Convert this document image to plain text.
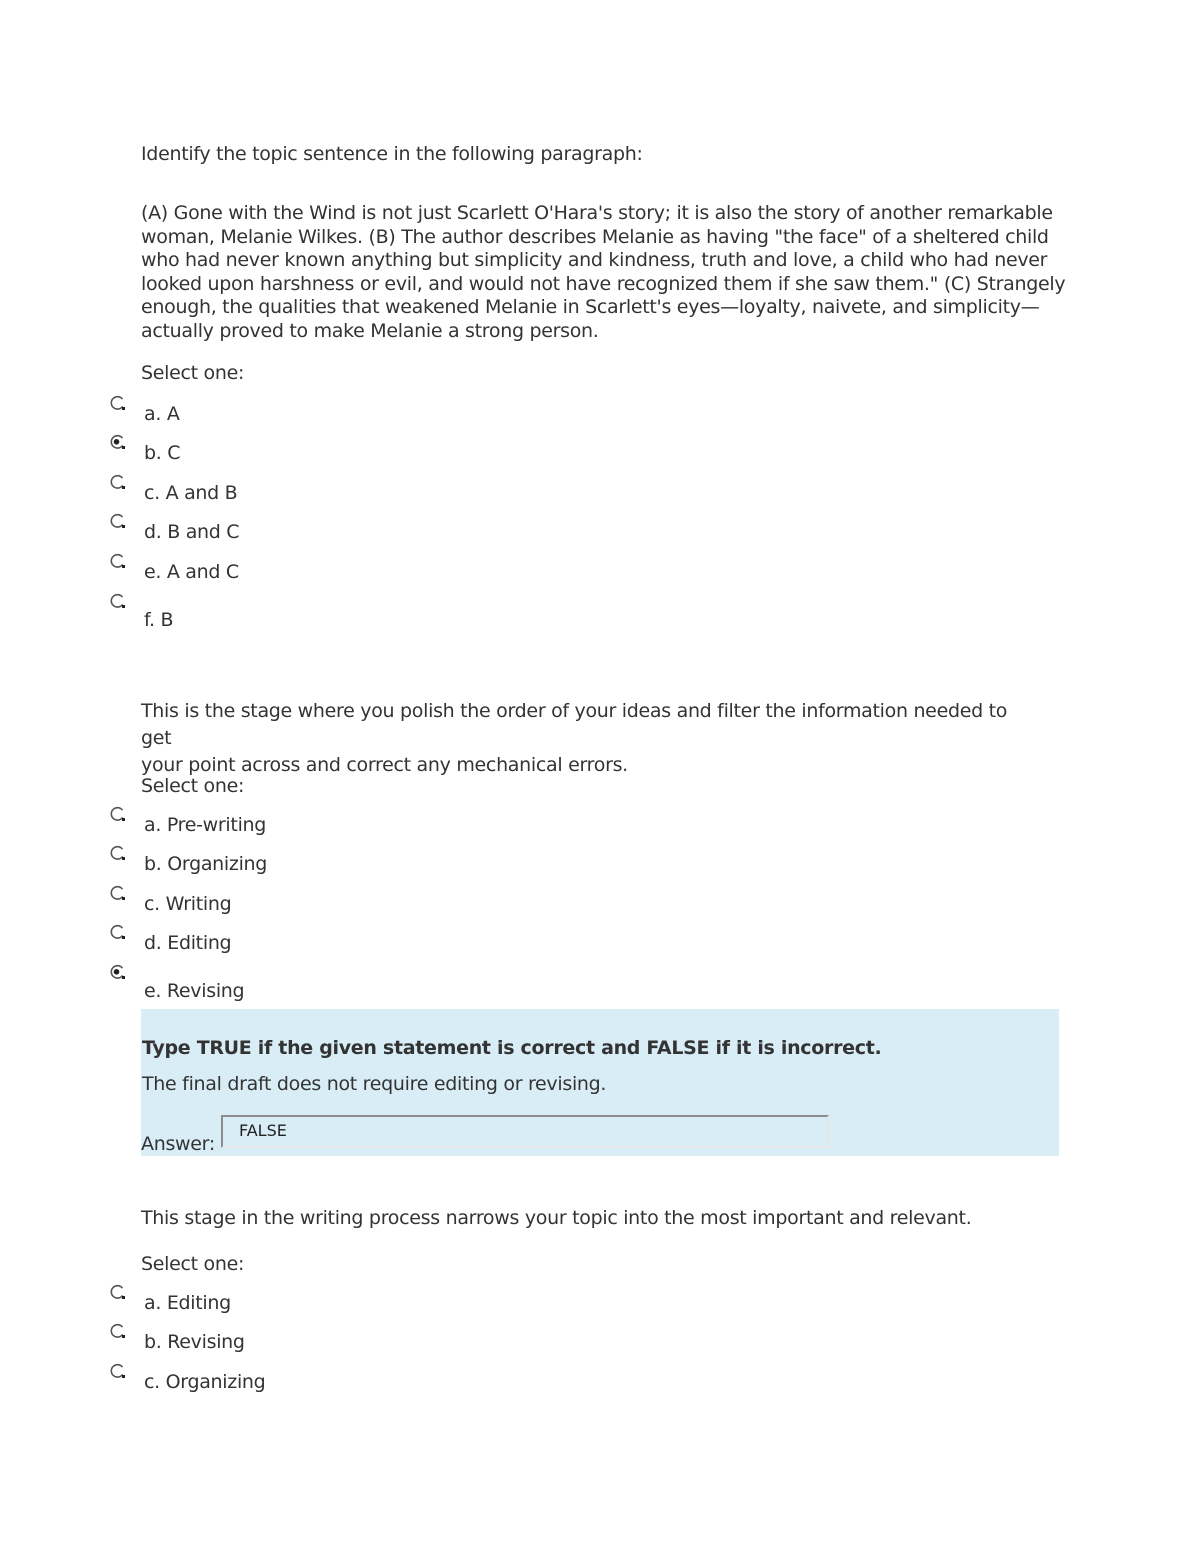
Identify the topic sentence in the following paragraph:
(A) Gone with the Wind is not just Scarlett O'Hara's story; it is also the story of another remarkable
woman, Melanie Wilkes. (B) The author describes Melanie as having "the face" of a sheltered child
who had never known anything but simplicity and kindness, truth and love, a child who had never
looked upon harshness or evil, and would not have recognized them if she saw them." (C) Strangely
enough, the qualities that weakened Melanie in Scarlett's eyes—loyalty, naivete, and simplicity—
actually proved to make Melanie a strong person.
Select one:
a. A
b. C
c. A and B
d. B and C
e. A and C
f. B
This is the stage where you polish the order of your ideas and filter the information needed to get
your point across and correct any mechanical errors.
Select one:
a. Pre-writing
b. Organizing
c. Writing
d. Editing
e. Revising
Type TRUE if the given statement is correct and FALSE if it is incorrect.
The final draft does not require editing or revising.
Answer:
FALSE
This stage in the writing process narrows your topic into the most important and relevant.
Select one:
a. Editing
b. Revising
c. Organizing
